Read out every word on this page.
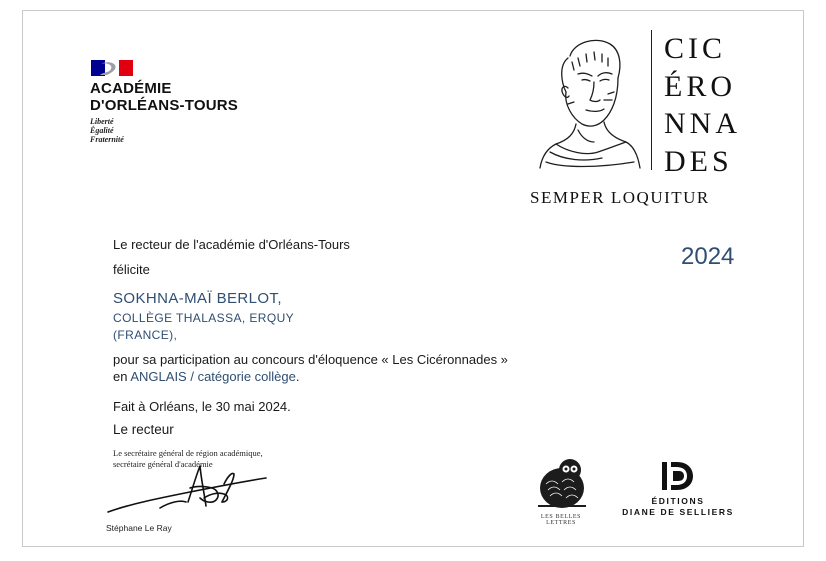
ACADÉMIE
D'ORLÉANS-TOURS
Liberté
Égalité
Fraternité
CIC
ÉRO
NNA
DES
SEMPER LOQUITUR
2024
Le recteur de l'académie d'Orléans-Tours
félicite
SOKHNA-MAÏ BERLOT,
COLLÈGE THALASSA, ERQUY
(FRANCE),
pour sa participation au concours d'éloquence « Les Cicéronnades »
en ANGLAIS / catégorie collège.
Fait à Orléans, le 30 mai 2024.
Le recteur
Le secrétaire général de région académique,
secrétaire général d'académie
Stéphane Le Ray
LES BELLES LETTRES
ÉDITIONS
DIANE DE SELLIERS
